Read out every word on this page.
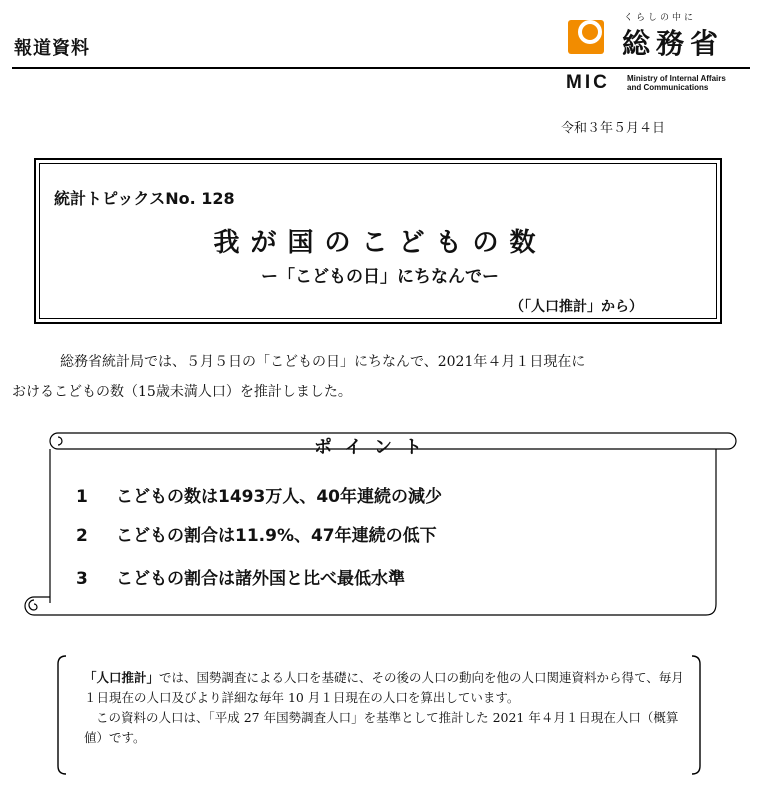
報道資料
くらしの中に
総務省
MIC Ministry of Internal Affairs
and Communications
令和３年５月４日
統計トピックスNo. 128
我が国のこどもの数
ー「こどもの日」にちなんでー
（「人口推計」から）
総務省統計局では、５月５日の「こどもの日」にちなんで、2021年４月１日現在に
おけるこどもの数（15歳未満人口）を推計しました。
ポイント
1 こどもの数は1493万人、40年連続の減少
2 こどもの割合は11.9%、47年連続の低下
3 こどもの割合は諸外国と比べ最低水準
「人口推計」では、国勢調査による人口を基礎に、その後の人口の動向を他の人口関連資料から得て、毎月１日現在の人口及びより詳細な毎年 10 月１日現在の人口を算出しています。
この資料の人口は、「平成 27 年国勢調査人口」を基準として推計した 2021 年４月１日現在人口（概算値）です。
